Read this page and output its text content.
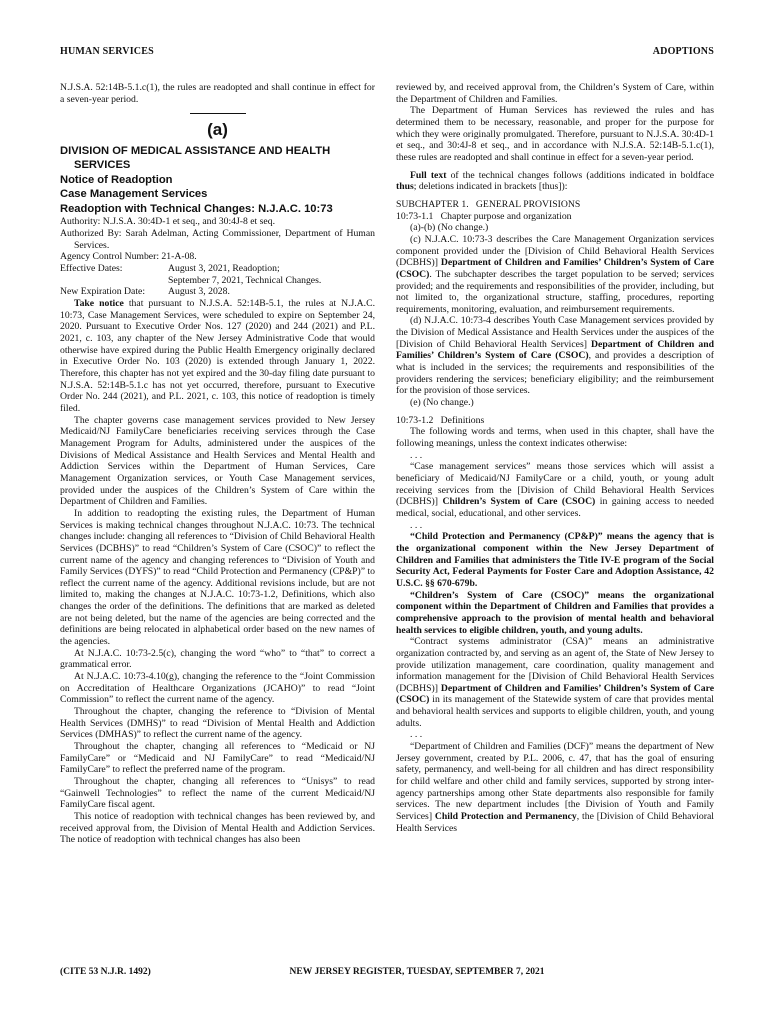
HUMAN SERVICES	ADOPTIONS

N.J.S.A. 52:14B-5.1.c(1), the rules are readopted and shall continue in effect for a seven-year period.

(a)
DIVISION OF MEDICAL ASSISTANCE AND HEALTH SERVICES
Notice of Readoption
Case Management Services
Readoption with Technical Changes: N.J.A.C. 10:73

Authority: N.J.S.A. 30:4D-1 et seq., and 30:4J-8 et seq.

Authorized By: Sarah Adelman, Acting Commissioner, Department of Human Services.

Agency Control Number: 21-A-08.

Effective Dates:	August 3, 2021, Readoption;
September 7, 2021, Technical Changes.
New Expiration Date:	August 3, 2028.

Take notice that pursuant to N.J.S.A. 52:14B-5.1, the rules at N.J.A.C. 10:73, Case Management Services, were scheduled to expire on September 24, 2020. Pursuant to Executive Order Nos. 127 (2020) and 244 (2021) and P.L. 2021, c. 103, any chapter of the New Jersey Administrative Code that would otherwise have expired during the Public Health Emergency originally declared in Executive Order No. 103 (2020) is extended through January 1, 2022. Therefore, this chapter has not yet expired and the 30-day filing date pursuant to N.J.S.A. 52:14B-5.1.c has not yet occurred, therefore, pursuant to Executive Order No. 244 (2021), and P.L. 2021, c. 103, this notice of readoption is timely filed.

The chapter governs case management services provided to New Jersey Medicaid/NJ FamilyCare beneficiaries receiving services through the Case Management Program for Adults, administered under the auspices of the Divisions of Medical Assistance and Health Services and Mental Health and Addiction Services within the Department of Human Services, Care Management Organization services, or Youth Case Management services, provided under the auspices of the Children’s System of Care within the Department of Children and Families.

In addition to readopting the existing rules, the Department of Human Services is making technical changes throughout N.J.A.C. 10:73. The technical changes include: changing all references to “Division of Child Behavioral Health Services (DCBHS)” to read “Children’s System of Care (CSOC)” to reflect the current name of the agency and changing references to “Division of Youth and Family Services (DYFS)” to read “Child Protection and Permanency (CP&P)” to reflect the current name of the agency. Additional revisions include, but are not limited to, making the changes at N.J.A.C. 10:73-1.2, Definitions, which also changes the order of the definitions. The definitions that are marked as deleted are not being deleted, but the name of the agencies are being corrected and the definitions are being relocated in alphabetical order based on the new names of the agencies.

At N.J.A.C. 10:73-2.5(c), changing the word “who” to “that” to correct a grammatical error.

At N.J.A.C. 10:73-4.10(g), changing the reference to the “Joint Commission on Accreditation of Healthcare Organizations (JCAHO)” to read “Joint Commission” to reflect the current name of the agency.

Throughout the chapter, changing the reference to “Division of Mental Health Services (DMHS)” to read “Division of Mental Health and Addiction Services (DMHAS)” to reflect the current name of the agency.

Throughout the chapter, changing all references to “Medicaid or NJ FamilyCare” or “Medicaid and NJ FamilyCare” to read “Medicaid/NJ FamilyCare” to reflect the preferred name of the program.

Throughout the chapter, changing all references to “Unisys” to read “Gainwell Technologies” to reflect the name of the current Medicaid/NJ FamilyCare fiscal agent.

This notice of readoption with technical changes has been reviewed by, and received approval from, the Division of Mental Health and Addiction Services. The notice of readoption with technical changes has also been

reviewed by, and received approval from, the Children’s System of Care, within the Department of Children and Families.

The Department of Human Services has reviewed the rules and has determined them to be necessary, reasonable, and proper for the purpose for which they were originally promulgated. Therefore, pursuant to N.J.S.A. 30:4D-1 et seq., and 30:4J-8 et seq., and in accordance with N.J.S.A. 52:14B-5.1.c(1), these rules are readopted and shall continue in effect for a seven-year period.

Full text of the technical changes follows (additions indicated in boldface thus; deletions indicated in brackets [thus]):

SUBCHAPTER 1.   GENERAL PROVISIONS

10:73-1.1   Chapter purpose and organization

(a)-(b) (No change.)

(c) N.J.A.C. 10:73-3 describes the Care Management Organization services component provided under the [Division of Child Behavioral Health Services (DCBHS)] Department of Children and Families’ Children’s System of Care (CSOC). The subchapter describes the target population to be served; services provided; and the requirements and responsibilities of the provider, including, but not limited to, the organizational structure, staffing, procedures, reporting requirements, monitoring, evaluation, and reimbursement requirements.

(d) N.J.A.C. 10:73-4 describes Youth Case Management services provided by the Division of Medical Assistance and Health Services under the auspices of the [Division of Child Behavioral Health Services] Department of Children and Families’ Children’s System of Care (CSOC), and provides a description of what is included in the services; the requirements and responsibilities of the providers rendering the services; beneficiary eligibility; and the reimbursement for the provision of those services.

(e) (No change.)

10:73-1.2   Definitions

The following words and terms, when used in this chapter, shall have the following meanings, unless the context indicates otherwise:

. . .

“Case management services” means those services which will assist a beneficiary of Medicaid/NJ FamilyCare or a child, youth, or young adult receiving services from the [Division of Child Behavioral Health Services (DCBHS)] Children’s System of Care (CSOC) in gaining access to needed medical, social, educational, and other services.

. . .

“Child Protection and Permanency (CP&P)” means the agency that is the organizational component within the New Jersey Department of Children and Families that administers the Title IV-E program of the Social Security Act, Federal Payments for Foster Care and Adoption Assistance, 42 U.S.C. §§ 670-679b.

“Children’s System of Care (CSOC)” means the organizational component within the Department of Children and Families that provides a comprehensive approach to the provision of mental health and behavioral health services to eligible children, youth, and young adults.

“Contract systems administrator (CSA)” means an administrative organization contracted by, and serving as an agent of, the State of New Jersey to provide utilization management, care coordination, quality management and information management for the [Division of Child Behavioral Health Services (DCBHS)] Department of Children and Families’ Children’s System of Care (CSOC) in its management of the Statewide system of care that provides mental and behavioral health services and supports to eligible children, youth, and young adults.

. . .

“Department of Children and Families (DCF)” means the department of New Jersey government, created by P.L. 2006, c. 47, that has the goal of ensuring safety, permanency, and well-being for all children and has direct responsibility for child welfare and other child and family services, supported by strong inter-agency partnerships among other State departments also responsible for family services. The new department includes [the Division of Youth and Family Services] Child Protection and Permanency, the [Division of Child Behavioral Health Services

(CITE 53 N.J.R. 1492)	NEW JERSEY REGISTER, TUESDAY, SEPTEMBER 7, 2021
